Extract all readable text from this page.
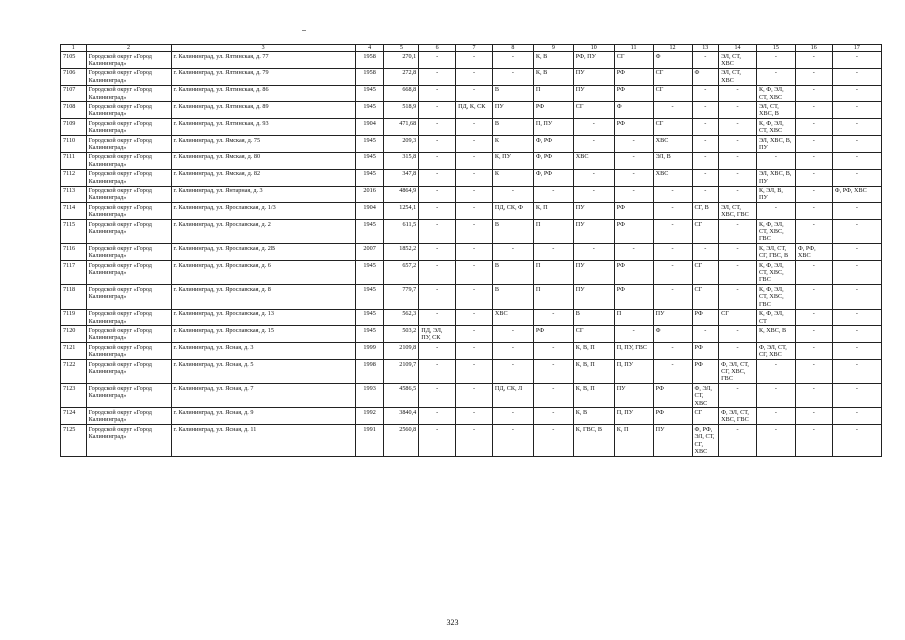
1	2	3	4	5	6	7	8	9	10	11	12	13	14	15	16	17
7105	Городской округ «Город Калининград»	г. Калининград, ул. Ялтинская, д. 77	1958	270,1	-	-	-	К, В	РФ, ПУ	СГ	Ф	-	ЭЛ, СТ, ХВС	-	-	-
7106	Городской округ «Город Калининград»	г. Калининград, ул. Ялтинская, д. 79	1958	272,8	-	-	-	К, В	ПУ	РФ	СГ	Ф	ЭЛ, СТ, ХВС	-	-	-
7107	Городской округ «Город Калининград»	г. Калининград, ул. Ялтинская, д. 86	1945	668,8	-	-	В	П	ПУ	РФ	СГ	-	-	К, Ф, ЭЛ, СТ, ХВС	-	-
7108	Городской округ «Город Калининград»	г. Калининград, ул. Ялтинская, д. 89	1945	518,9	-	ПД, К, СК	ПУ	РФ	СГ	Ф	-	-	-	ЭЛ, СТ, ХВС, В	-	-
7109	Городской округ «Город Калининград»	г. Калининград, ул. Ялтинская, д. 93	1904	471,68	-	-	В	П, ПУ	-	РФ	СГ	-	-	К, Ф, ЭЛ, СТ, ХВС	-	-
7110	Городской округ «Город Калининград»	г. Калининград, ул. Ямская, д. 75	1945	209,3	-	-	К	Ф, РФ	-	-	ХВС	-	-	ЭЛ, ХВС, В, ПУ	-	-
7111	Городской округ «Город Калининград»	г. Калининград, ул. Ямская, д. 80	1945	315,8	-	-	К, ПУ	Ф, РФ	ХВС	-	ЭЛ, В	-	-	-	-	-
7112	Городской округ «Город Калининград»	г. Калининград, ул. Ямская, д. 82	1945	347,8	-	-	К	Ф, РФ	-	-	ХВС	-	-	ЭЛ, ХВС, В, ПУ	-	-
7113	Городской округ «Город Калининград»	г. Калининград, ул. Янтарная, д. 3	2016	4864,9	-	-	-	-	-	-	-	-	-	К, ЭЛ, В, ПУ	-	Ф, РФ, ХВС
7114	Городской округ «Город Калининград»	г. Калининград, ул. Ярославская, д. 1/3	1904	1254,1	-	-	ПД, СК, Ф	К, П	ПУ	РФ	-	СГ, В	ЭЛ, СТ, ХВС, ГВС	-	-	-
7115	Городской округ «Город Калининград»	г. Калининград, ул. Ярославская, д. 2	1945	611,5	-	-	В	П	ПУ	РФ	-	СГ	-	К, Ф, ЭЛ, СТ, ХВС, ГВС	-	-
7116	Городской округ «Город Калининград»	г. Калининград, ул. Ярославская, д. 2В	2007	1852,2	-	-	-	-	-	-	-	-	-	К, ЭЛ, СТ, СГ, ГВС, В	Ф, РФ, ХВС	-
7117	Городской округ «Город Калининград»	г. Калининград, ул. Ярославская, д. 6	1945	657,2	-	-	В	П	ПУ	РФ	-	СГ	-	К, Ф, ЭЛ, СТ, ХВС, ГВС	-	-
7118	Городской округ «Город Калининград»	г. Калининград, ул. Ярославская, д. 8	1945	779,7	-	-	В	П	ПУ	РФ	-	СГ	-	К, Ф, ЭЛ, СТ, ХВС, ГВС	-	-
7119	Городской округ «Город Калининград»	г. Калининград, ул. Ярославская, д. 13	1945	562,3	-	-	ХВС	-	В	П	ПУ	РФ	СГ	К, Ф, ЭЛ, СТ	-	-
7120	Городской округ «Город Калининград»	г. Калининград, ул. Ярославская, д. 15	1945	503,2	ПД, ЭЛ, ПУ, СК	-	-	РФ	СГ	-	Ф	-	-	К, ХВС, В	-	-
7121	Городской округ «Город Калининград»	г. Калининград, ул. Ясная, д. 3	1999	2109,8	-	-	-	-	К, В, П	П, ПУ, ГВС	-	РФ	-	Ф, ЭЛ, СТ, СГ, ХВС	-	-
7122	Городской округ «Город Калининград»	г. Калининград, ул. Ясная, д. 5	1998	2109,7	-	-	-	-	К, В, П	П, ПУ	-	РФ	Ф, ЭЛ, СТ, СГ, ХВС, ГВС	-	-	-
7123	Городской округ «Город Калининград»	г. Калининград, ул. Ясная, д. 7	1993	4586,5	-	-	ПД, СК, Л	-	К, В, П	ПУ	РФ	Ф, ЭЛ, СТ, ХВС	-	-	-	-
7124	Городской округ «Город Калининград»	г. Калининград, ул. Ясная, д. 9	1992	3840,4	-	-	-	-	К, В	П, ПУ	РФ	СГ	Ф, ЭЛ, СТ, ХВС, ГВС	-	-	-
7125	Городской округ «Город Калининград»	г. Калининград, ул. Ясная, д. 11	1991	2560,8	-	-	-	-	К, ГВС, В	К, П	ПУ	Ф, РФ, ЭЛ, СТ, СГ, ХВС	-	-	-	-
323
